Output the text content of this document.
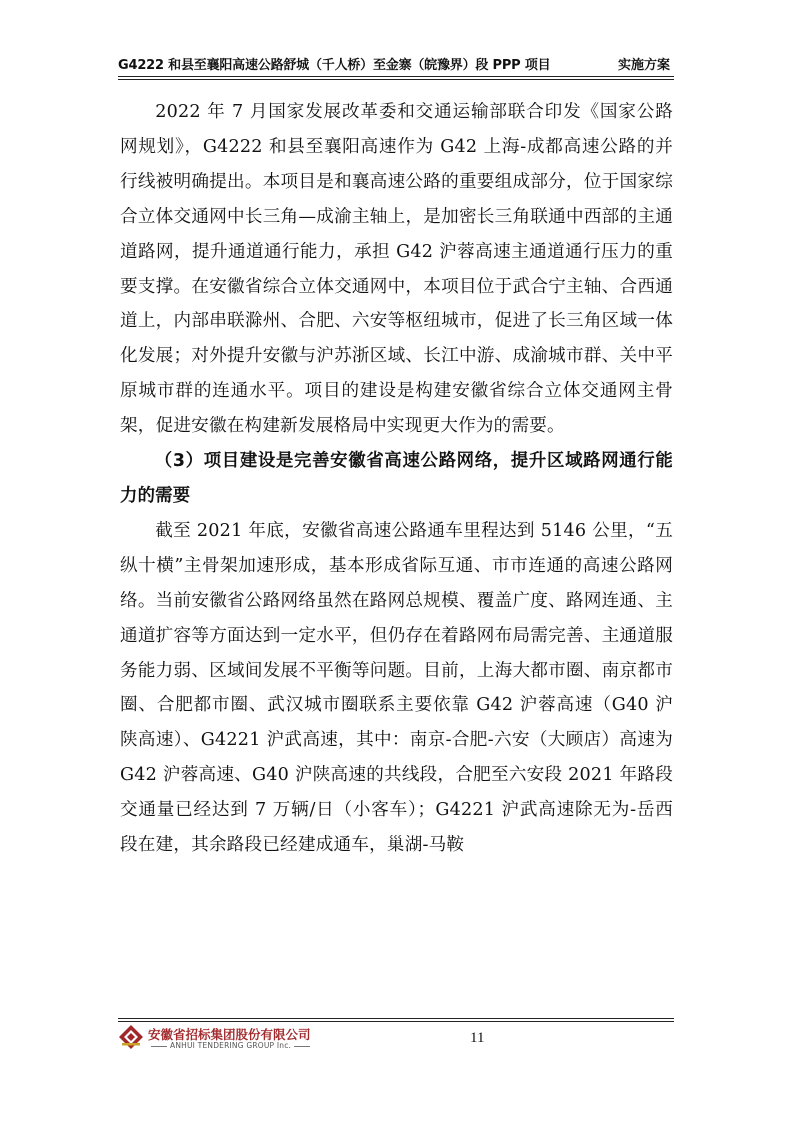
G4222 和县至襄阳高速公路舒城（千人桥）至金寨（皖豫界）段 PPP 项目	实施方案

2022 年 7 月国家发展改革委和交通运输部联合印发《国家公路网规划》，G4222 和县至襄阳高速作为 G42 上海-成都高速公路的并行线被明确提出。本项目是和襄高速公路的重要组成部分，位于国家综合立体交通网中长三角—成渝主轴上，是加密长三角联通中西部的主通道路网，提升通道通行能力，承担 G42 沪蓉高速主通道通行压力的重要支撑。在安徽省综合立体交通网中，本项目位于武合宁主轴、合西通道上，内部串联滁州、合肥、六安等枢纽城市，促进了长三角区域一体化发展；对外提升安徽与沪苏浙区域、长江中游、成渝城市群、关中平原城市群的连通水平。项目的建设是构建安徽省综合立体交通网主骨架，促进安徽在构建新发展格局中实现更大作为的需要。

（3）项目建设是完善安徽省高速公路网络，提升区域路网通行能力的需要

截至 2021 年底，安徽省高速公路通车里程达到 5146 公里，“五纵十横”主骨架加速形成，基本形成省际互通、市市连通的高速公路网络。当前安徽省公路网络虽然在路网总规模、覆盖广度、路网连通、主通道扩容等方面达到一定水平，但仍存在着路网布局需完善、主通道服务能力弱、区域间发展不平衡等问题。目前，上海大都市圈、南京都市圈、合肥都市圈、武汉城市圈联系主要依靠 G42 沪蓉高速（G40 沪陕高速）、G4221 沪武高速，其中：南京-合肥-六安（大顾店）高速为 G42 沪蓉高速、G40 沪陕高速的共线段，合肥至六安段 2021 年路段交通量已经达到 7 万辆/日（小客车）；G4221 沪武高速除无为-岳西段在建，其余路段已经建成通车，巢湖-马鞍

安徽省招标集团股份有限公司
ANHUI TENDERING GROUP Inc.	11
